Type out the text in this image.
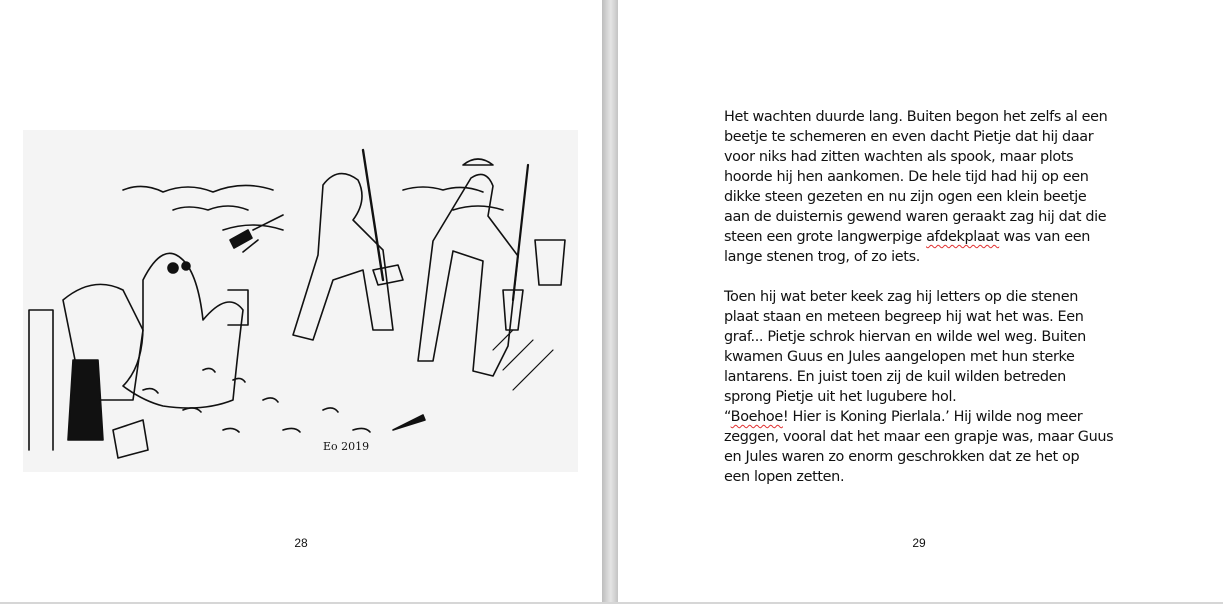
Eo 2019
28
Het wachten duurde lang. Buiten begon het zelfs al een
beetje te schemeren en even dacht Pietje dat hij daar
voor niks had zitten wachten als spook, maar plots
hoorde hij hen aankomen. De hele tijd had hij op een
dikke steen gezeten en nu zijn ogen een klein beetje
aan de duisternis gewend waren geraakt zag hij dat die
steen een grote langwerpige afdekplaat was van een
lange stenen trog, of zo iets.
Toen hij wat beter keek zag hij letters op die stenen
plaat staan en meteen begreep hij wat het was. Een
graf... Pietje schrok hiervan en wilde wel weg. Buiten
kwamen Guus en Jules aangelopen met hun sterke
lantarens. En juist toen zij de kuil wilden betreden
sprong Pietje uit het lugubere hol.
“Boehoe! Hier is Koning Pierlala.’ Hij wilde nog meer
zeggen, vooral dat het maar een grapje was, maar Guus
en Jules waren zo enorm geschrokken dat ze het op
een lopen zetten.
29
